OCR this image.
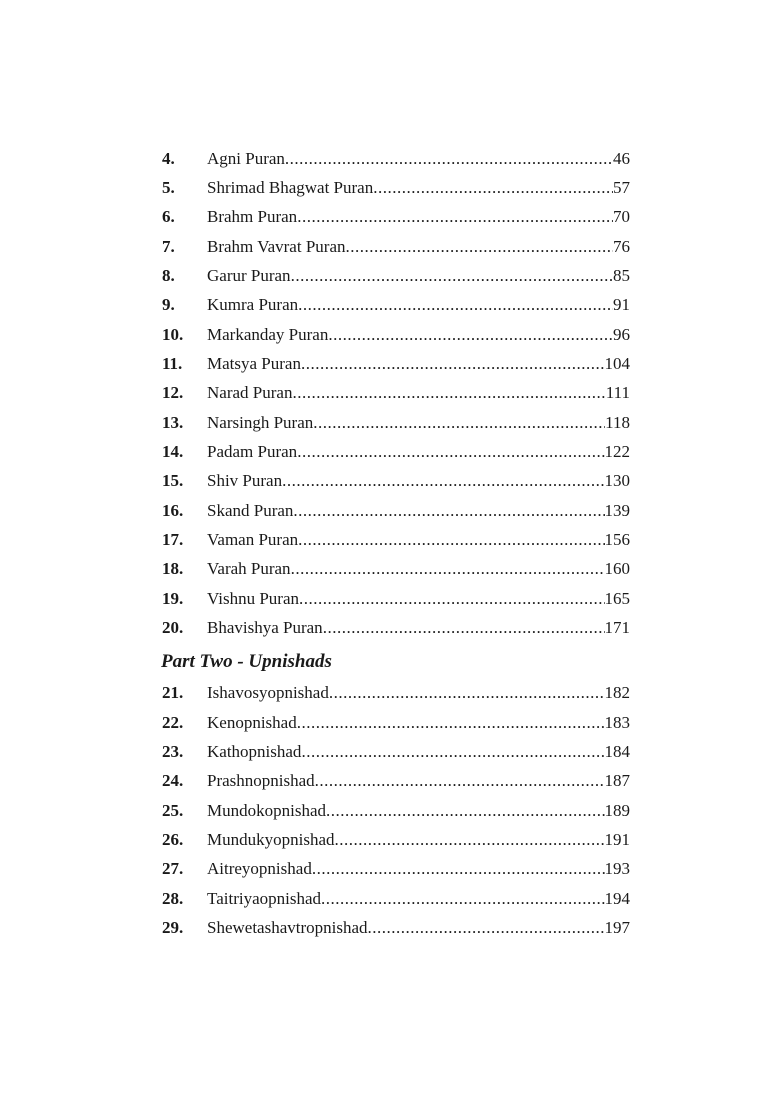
4.	Agni Puran .....	46
5.	Shrimad Bhagwat Puran .....	57
6.	Brahm Puran .....	70
7.	Brahm Vavrat Puran .....	76
8.	Garur Puran .....	85
9.	Kumra Puran .....	91
10.	Markanday Puran .....	96
11.	Matsya Puran .....	104
12.	Narad Puran .....	111
13.	Narsingh Puran .....	118
14.	Padam Puran .....	122
15.	Shiv Puran .....	130
16.	Skand Puran .....	139
17.	Vaman Puran .....	156
18.	Varah Puran .....	160
19.	Vishnu Puran .....	165
20.	Bhavishya Puran .....	171
Part Two - Upnishads
21.	Ishavosyopnishad .....	182
22.	Kenopnishad .....	183
23.	Kathopnishad .....	184
24.	Prashnopnishad .....	187
25.	Mundokopnishad .....	189
26.	Mundukyopnishad .....	191
27.	Aitreyopnishad .....	193
28.	Taitriyaopnishad .....	194
29.	Shewetashavtropnishad .....	197
